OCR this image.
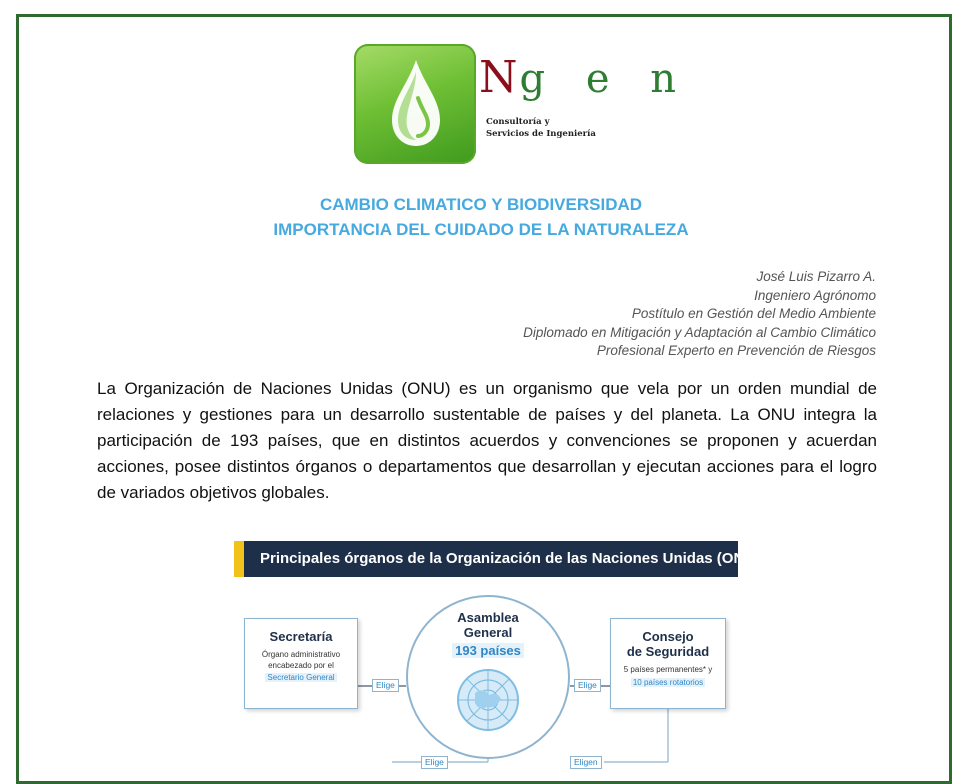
Ng e n
Consultoría y
Servicios de Ingeniería
CAMBIO CLIMATICO Y BIODIVERSIDAD
IMPORTANCIA DEL CUIDADO DE LA NATURALEZA
José Luis Pizarro A.
Ingeniero Agrónomo
Postítulo en Gestión del Medio Ambiente
Diplomado en Mitigación y Adaptación al Cambio Climático
Profesional Experto en Prevención de Riesgos
La Organización de Naciones Unidas (ONU) es un organismo que vela por un orden mundial de relaciones y gestiones para un desarrollo sustentable de países y del planeta. La ONU integra la participación de 193 países, que en distintos acuerdos y convenciones se proponen y acuerdan acciones, posee distintos órganos o departamentos que desarrollan y ejecutan acciones para el logro de variados objetivos globales.
Principales órganos de la Organización de las Naciones Unidas (ONU)
Secretaría
Órgano administrativo
encabezado por el
Secretario General
Asamblea
General
193 países
Consejo
de Seguridad
5 países permanentes* y
10 países rotatorios
Elige	Elige
Elige	Eligen
